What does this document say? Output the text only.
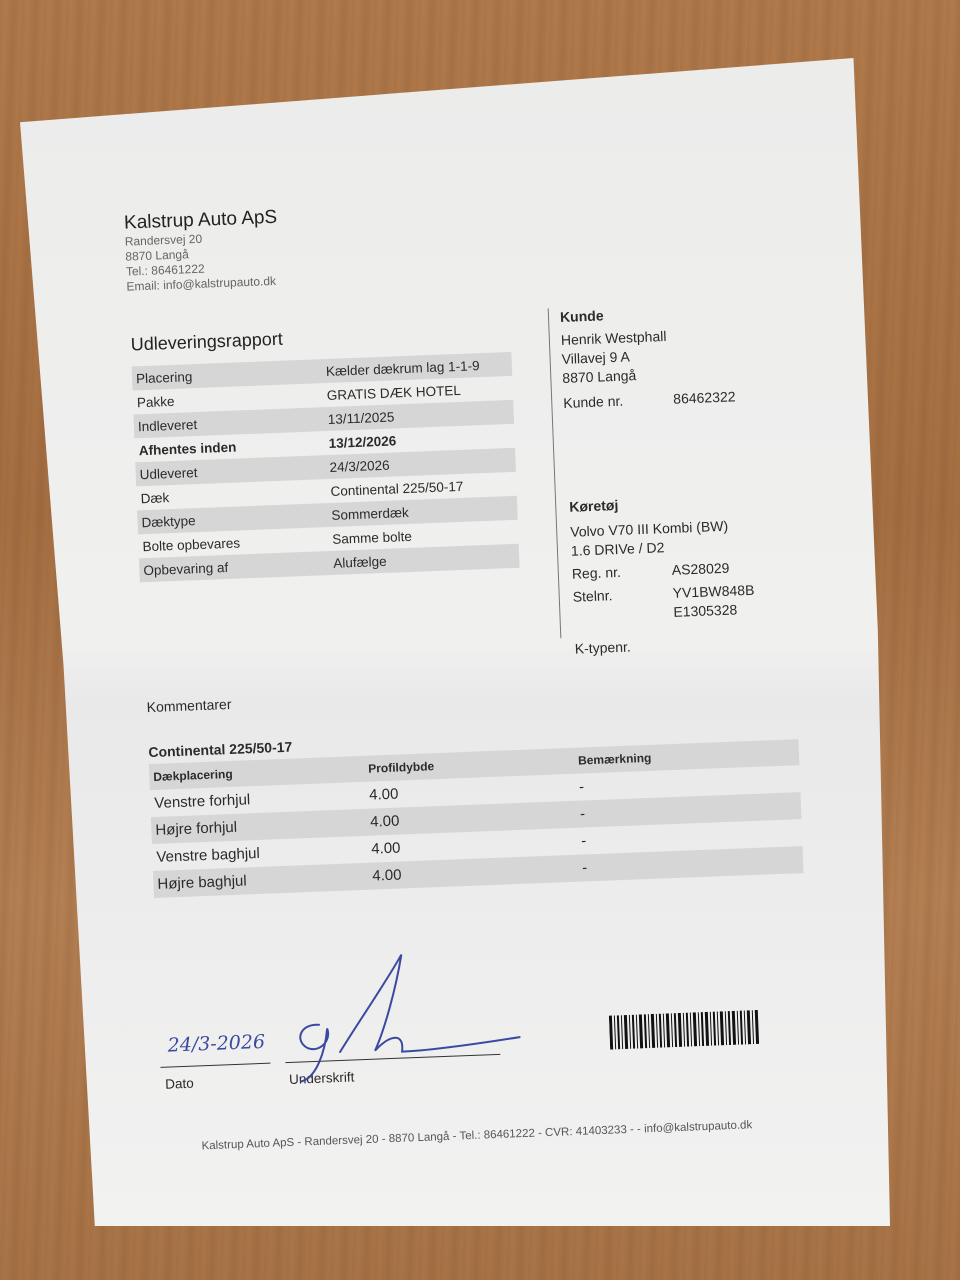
Kalstrup Auto ApS
Randersvej 20
8870 Langå
Tel.: 86461222
Email: info@kalstrupauto.dk
Udleveringsrapport
Placering	Kælder dækrum lag 1-1-9
Pakke	GRATIS DÆK HOTEL
Indleveret	13/11/2025
Afhentes inden	13/12/2026
Udleveret	24/3/2026
Dæk	Continental 225/50-17
Dæktype	Sommerdæk
Bolte opbevares	Samme bolte
Opbevaring af	Alufælge
Kunde
Henrik Westphall
Villavej 9 A
8870 Langå
Kunde nr.	86462322
Køretøj
Volvo V70 III Kombi (BW)
1.6 DRIVe / D2
Reg. nr.	AS28029
Stelnr.	YV1BW848B
E1305328
K-typenr.
Kommentarer
Continental 225/50-17
Dækplacering	Profildybde	Bemærkning
Venstre forhjul	4.00	-
Højre forhjul	4.00	-
Venstre baghjul	4.00	-
Højre baghjul	4.00	-
24/3-2026
Dato	Underskrift
Kalstrup Auto ApS - Randersvej 20 - 8870 Langå - Tel.: 86461222 - CVR: 41403233 - - info@kalstrupauto.dk
